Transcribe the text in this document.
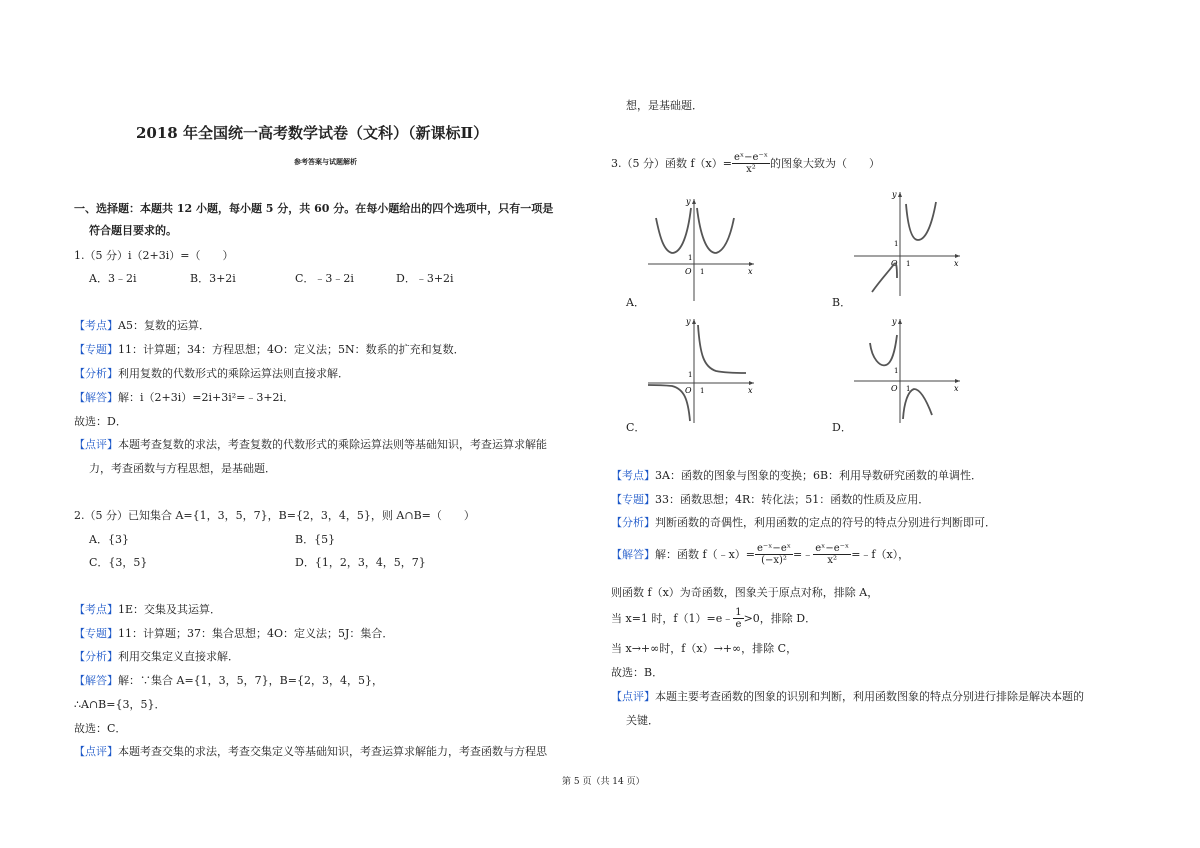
2018 年全国统一高考数学试卷（文科）（新课标Ⅱ）
参考答案与试题解析
一、选择题：本题共 12 小题，每小题 5 分，共 60 分。在每小题给出的四个选项中，只有一项是
符合题目要求的。
1.（5 分）i（2+3i）=（　　）
A．3﹣2i	B．3+2i	C．﹣3﹣2i	D．﹣3+2i
【考点】A5：复数的运算．
【专题】11：计算题；34：方程思想；4O：定义法；5N：数系的扩充和复数．
【分析】利用复数的代数形式的乘除运算法则直接求解．
【解答】解：i（2+3i）=2i+3i²=﹣3+2i．
故选：D．
【点评】本题考查复数的求法，考查复数的代数形式的乘除运算法则等基础知识，考查运算求解能
力，考查函数与方程思想，是基础题．
2.（5 分）已知集合 A={1，3，5，7}，B={2，3，4，5}，则 A∩B=（　　）
A．{3}	B．{5}
C．{3，5}	D．{1，2，3，4，5，7}
【考点】1E：交集及其运算．
【专题】11：计算题；37：集合思想；4O：定义法；5J：集合．
【分析】利用交集定义直接求解．
【解答】解：∵集合 A={1，3，5，7}，B={2，3，4，5}，
∴A∩B={3，5}．
故选：C．
【点评】本题考查交集的求法，考查交集定义等基础知识，考查运算求解能力，考查函数与方程思
想，是基础题．
3.（5 分）函数 $f(x)= \frac{\text{eˣ−e⁻ˣ}}{\text{x²}}$ 的图象大致为（　　）
x
y
O 1
1
A．
x
y
O 1
1
B．
x
y
O 1
1
C．
x
y
O 1
1
D．
【考点】3A：函数的图象与图象的变换；6B：利用导数研究函数的单调性．
【专题】33：函数思想；4R：转化法；51：函数的性质及应用．
【分析】判断函数的奇偶性，利用函数的定点的符号的特点分别进行判断即可．
【解答】 解：函数 f（﹣x）= $\frac{\text{e⁻ˣ−eˣ}}{\text{(−x)²}}$ =﹣ $\frac{\text{eˣ−e⁻ˣ}}{\text{x²}}$ =﹣f（x），
则函数 f（x）为奇函数，图象关于原点对称，排除 A，
当 x=1 时，f（1）=e﹣ $\frac{1}{e} >0$，排除 D．
当 x→+∞时，f（x）→+∞，排除 C，
故选：B．
【点评】本题主要考查函数的图象的识别和判断，利用函数图象的特点分别进行排除是解决本题的
关键．
第 5 页（共 14 页）
